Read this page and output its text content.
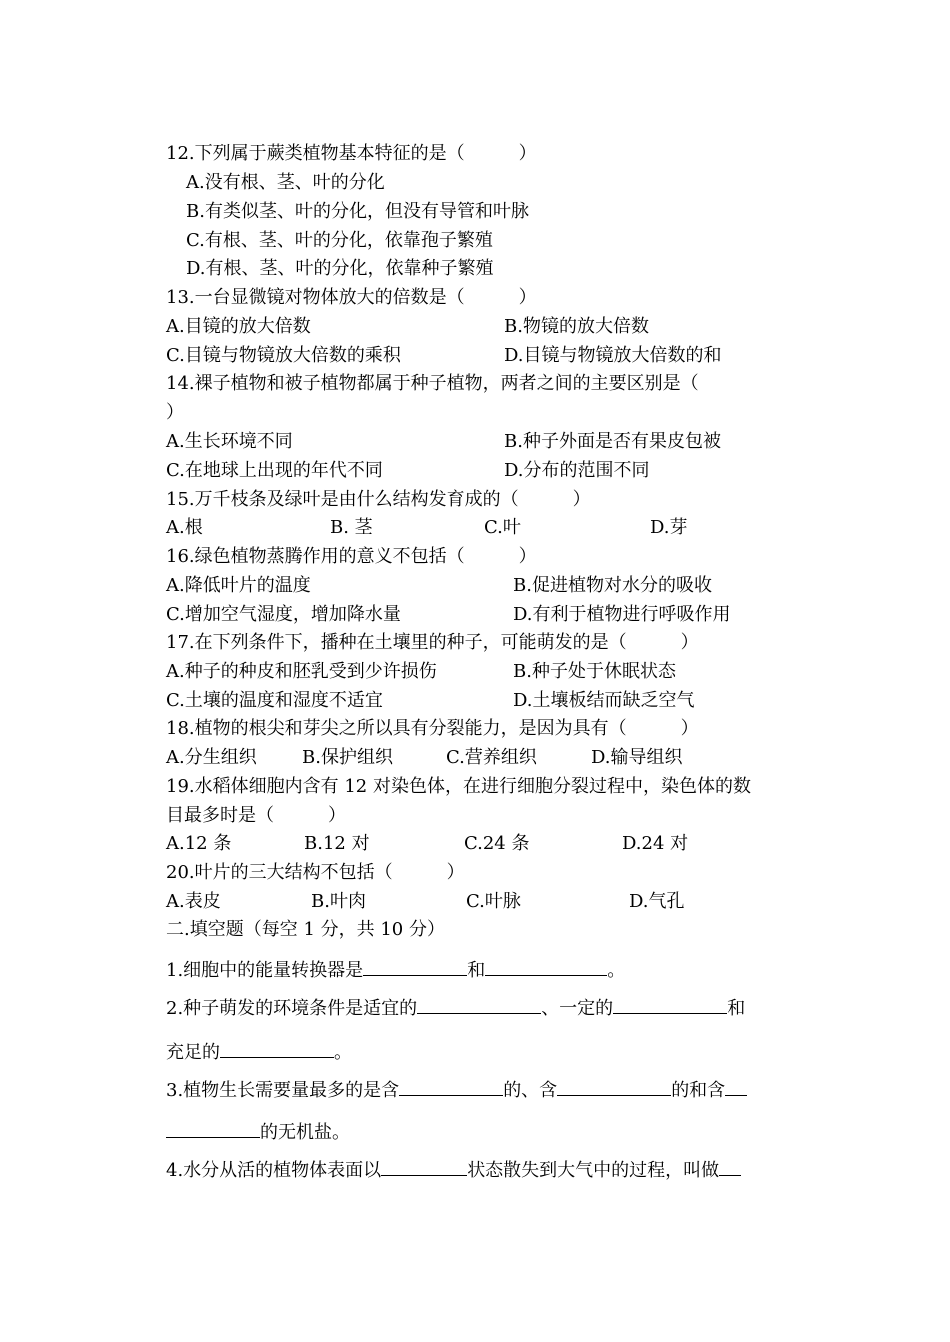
12.下列属于蕨类植物基本特征的是（　　　）
A.没有根、茎、叶的分化
B.有类似茎、叶的分化，但没有导管和叶脉
C.有根、茎、叶的分化，依靠孢子繁殖
D.有根、茎、叶的分化，依靠种子繁殖
13.一台显微镜对物体放大的倍数是（　　　）
A.目镜的放大倍数	B.物镜的放大倍数
C.目镜与物镜放大倍数的乘积	D.目镜与物镜放大倍数的和
14.裸子植物和被子植物都属于种子植物，两者之间的主要区别是（
）
A.生长环境不同	B.种子外面是否有果皮包被
C.在地球上出现的年代不同	D.分布的范围不同
15.万千枝条及绿叶是由什么结构发育成的（　　　）
A.根	B. 茎	C.叶	D.芽
16.绿色植物蒸腾作用的意义不包括（　　　）
A.降低叶片的温度	B.促进植物对水分的吸收
C.增加空气湿度，增加降水量	D.有利于植物进行呼吸作用
17.在下列条件下，播种在土壤里的种子，可能萌发的是（　　　）
A.种子的种皮和胚乳受到少许损伤	B.种子处于休眠状态
C.土壤的温度和湿度不适宜	D.土壤板结而缺乏空气
18.植物的根尖和芽尖之所以具有分裂能力，是因为具有（　　　）
A.分生组织	B.保护组织	C.营养组织	D.输导组织
19.水稻体细胞内含有 12 对染色体，在进行细胞分裂过程中，染色体的数
目最多时是（　　　）
A.12 条	B.12 对	C.24 条	D.24 对
20.叶片的三大结构不包括（　　　）
A.表皮	B.叶肉	C.叶脉	D.气孔
二.填空题（每空 1 分，共 10 分）
1.细胞中的能量转换器是	和	。
2.种子萌发的环境条件是适宜的	、一定的	和
充足的	。
3.植物生长需要量最多的是含	的、含	的和含
的无机盐。
4.水分从活的植物体表面以	状态散失到大气中的过程，叫做
